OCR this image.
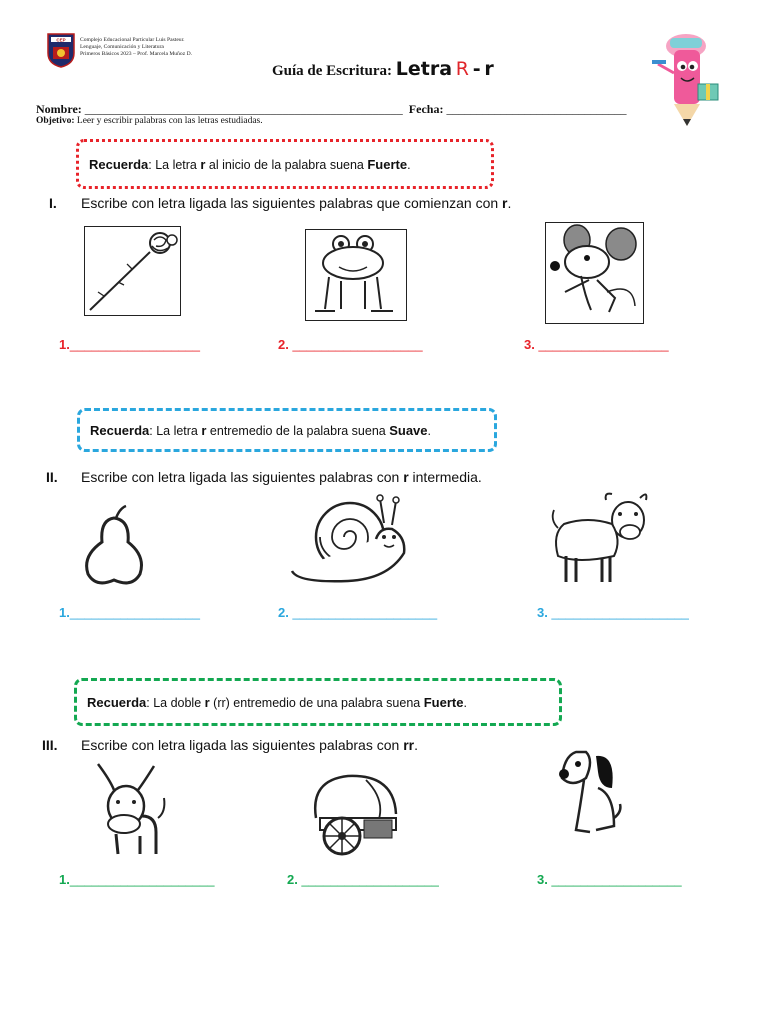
CEP	Complejo Educacional Particular Luis Pasteur.
Lenguaje, Comunicación y Literatura
Primeros Básicos 2023 – Prof. Marcela Muñoz D.
Guía de Escritura: Letra R - r
Nombre: _____________________________________________________ Fecha: ______________________________
Objetivo: Leer y escribir palabras con las letras estudiadas.
Recuerda: La letra r al inicio de la palabra suena Fuerte.
I. Escribe con letra ligada las siguientes palabras que comienzan con r.
1.__________________	2. __________________	3. __________________
Recuerda: La letra r entremedio de la palabra suena Suave.
II. Escribe con letra ligada las siguientes palabras con r intermedia.
1.__________________	2. ____________________	3. ___________________
Recuerda: La doble r (rr) entremedio de una palabra suena Fuerte.
III. Escribe con letra ligada las siguientes palabras con rr.
1.____________________	2. ___________________	3. __________________
